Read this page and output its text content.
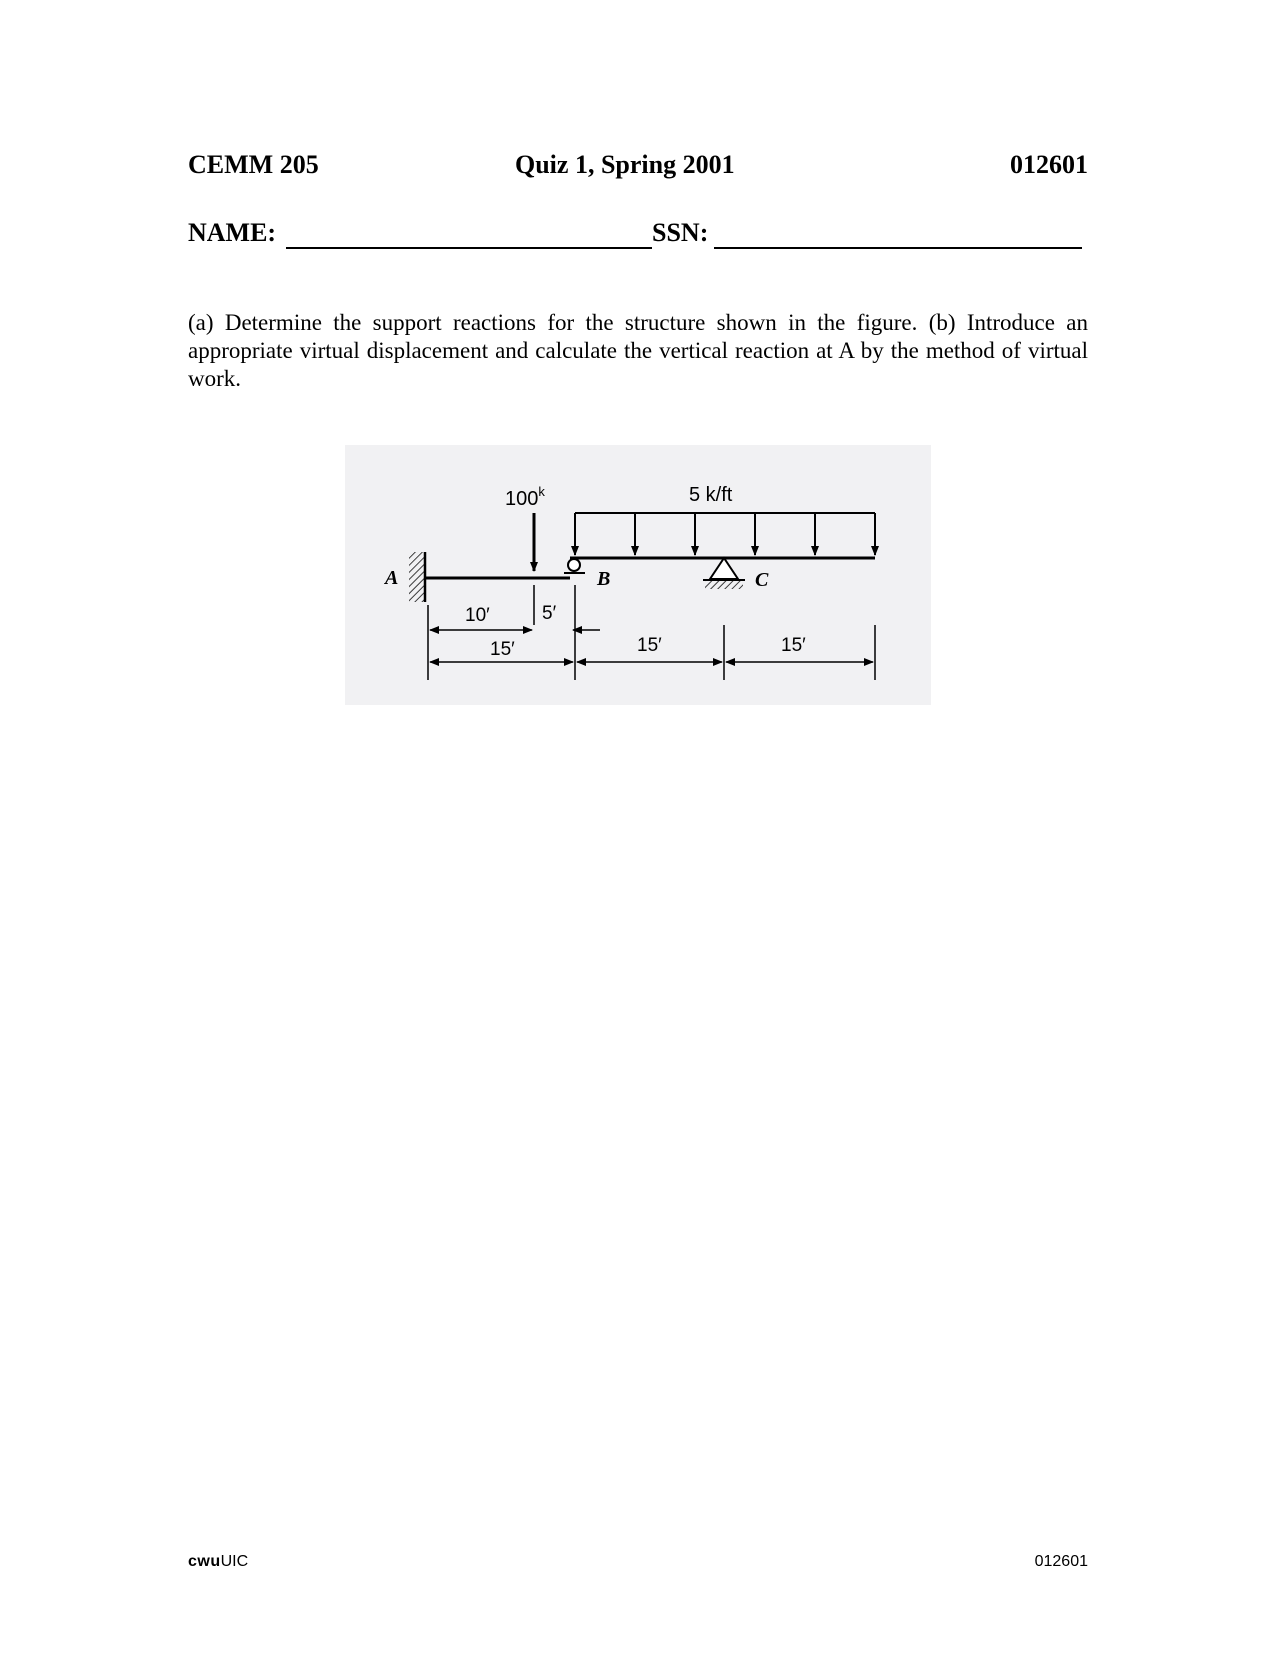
CEMM 205	Quiz 1, Spring 2001	012601
NAME:	SSN:

(a) Determine the support reactions for the structure shown in the figure. (b) Introduce an appropriate virtual displacement and calculate the vertical reaction at A by the method of virtual work.

A	B	C
100$^k$	5 k/ft
10′	5′
15′	15′	15′
cwuUIC	012601
